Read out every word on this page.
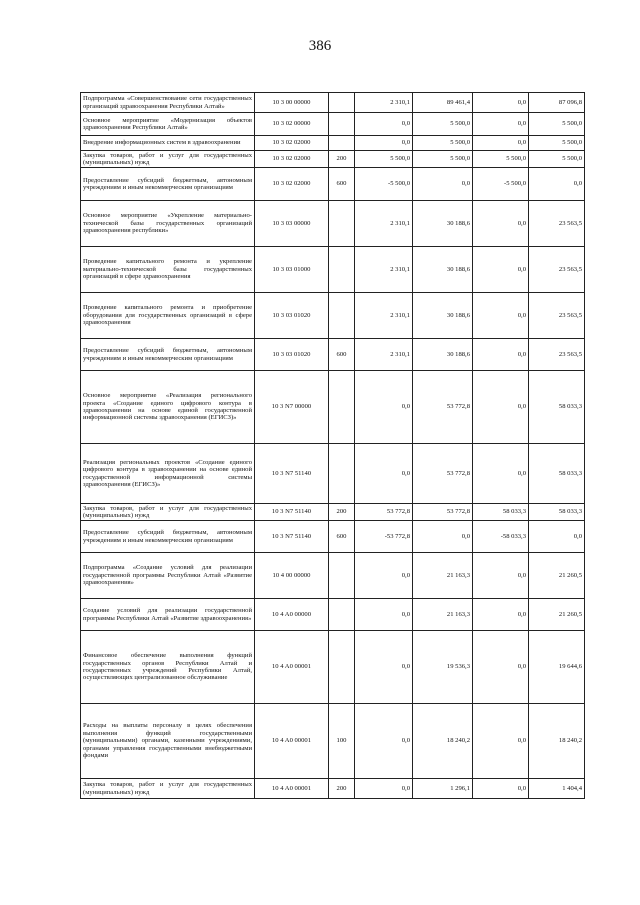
386
Подпрограмма «Совершенствование сети государственных организаций здравоохранения Республики Алтай»	10 3 00 00000		2 310,1	89 461,4	0,0	87 096,8
Основное мероприятие «Модернизация объектов здравоохранения Республики Алтай»	10 3 02 00000		0,0	5 500,0	0,0	5 500,0
Внедрение информационных систем в здравоохранении	10 3 02 02000		0,0	5 500,0	0,0	5 500,0
Закупка товаров, работ и услуг для государственных (муниципальных) нужд	10 3 02 02000	200	5 500,0	5 500,0	5 500,0	5 500,0
Предоставление субсидий бюджетным, автономным учреждениям и иным некоммерческим организациям	10 3 02 02000	600	-5 500,0	0,0	-5 500,0	0,0
Основное мероприятие «Укрепление материально-технической базы государственных организаций здравоохранения республики»	10 3 03 00000		2 310,1	30 188,6	0,0	23 563,5
Проведение капитального ремонта и укрепление материально-технической базы государственных организаций в сфере здравоохранения	10 3 03 01000		2 310,1	30 188,6	0,0	23 563,5
Проведение капитального ремонта и приобретение оборудования для государственных организаций в сфере здравоохранения	10 3 03 01020		2 310,1	30 188,6	0,0	23 563,5
Предоставление субсидий бюджетным, автономным учреждениям и иным некоммерческим организациям	10 3 03 01020	600	2 310,1	30 188,6	0,0	23 563,5
Основное мероприятие «Реализация регионального проекта «Создание единого цифрового контура в здравоохранении на основе единой государственной информационной системы здравоохранения (ЕГИСЗ)»	10 3 N7 00000		0,0	53 772,8	0,0	58 033,3
Реализация региональных проектов «Создание единого цифрового контура в здравоохранении на основе единой государственной информационной системы здравоохранения (ЕГИСЗ)»	10 3 N7 51140		0,0	53 772,8	0,0	58 033,3
Закупка товаров, работ и услуг для государственных (муниципальных) нужд	10 3 N7 51140	200	53 772,8	53 772,8	58 033,3	58 033,3
Предоставление субсидий бюджетным, автономным учреждениям и иным некоммерческим организациям	10 3 N7 51140	600	-53 772,8	0,0	-58 033,3	0,0
Подпрограмма «Создание условий для реализации государственной программы Республики Алтай «Развитие здравоохранения»	10 4 00 00000		0,0	21 163,3	0,0	21 260,5
Создание условий для реализации государственной программы Республики Алтай «Развитие здравоохранения»	10 4 A0 00000		0,0	21 163,3	0,0	21 260,5
Финансовое обеспечение выполнения функций государственных органов Республики Алтай и государственных учреждений Республики Алтай, осуществляющих централизованное обслуживание	10 4 A0 00001		0,0	19 536,3	0,0	19 644,6
Расходы на выплаты персоналу в целях обеспечения выполнения функций государственными (муниципальными) органами, казенными учреждениями, органами управления государственными внебюджетными фондами	10 4 A0 00001	100	0,0	18 240,2	0,0	18 240,2
Закупка товаров, работ и услуг для государственных (муниципальных) нужд	10 4 A0 00001	200	0,0	1 296,1	0,0	1 404,4
